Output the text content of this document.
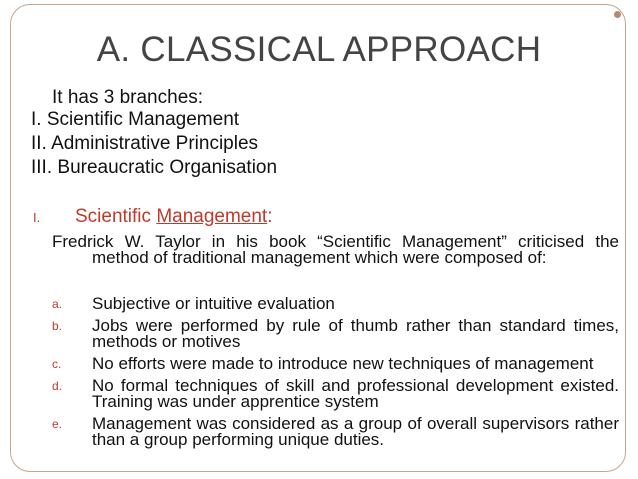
A. CLASSICAL APPROACH
It has 3 branches:
I. Scientific Management
II. Administrative Principles
III. Bureaucratic Organisation
I. Scientific Management:
Fredrick W. Taylor in his book “Scientific Management” criticised the method of traditional management which were composed of:
a. Subjective or intuitive evaluation
b. Jobs were performed by rule of thumb rather than standard times, methods or motives
c. No efforts were made to introduce new techniques of management
d. No formal techniques of skill and professional development existed. Training was under apprentice system
e. Management was considered as a group of overall supervisors rather than a group performing unique duties.
